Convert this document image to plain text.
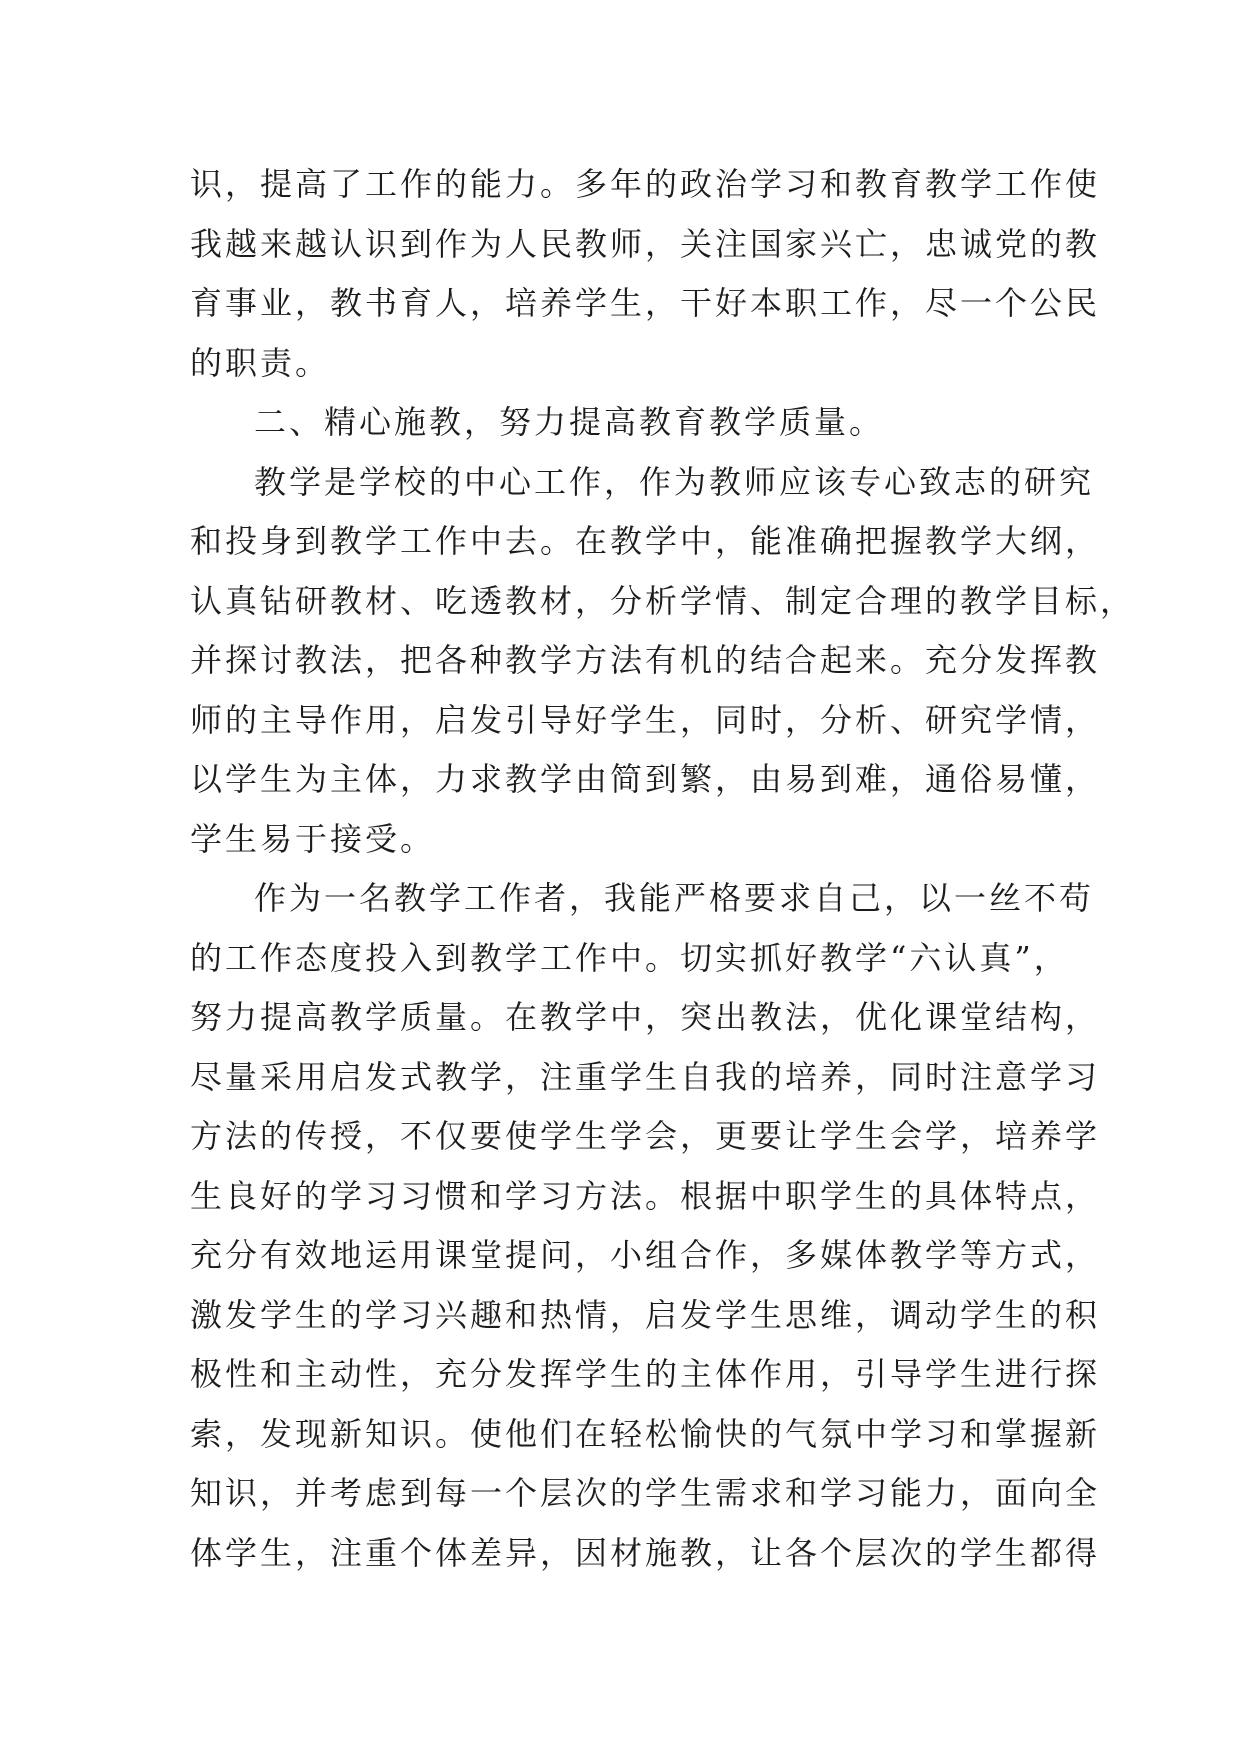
识，提高了工作的能力。多年的政治学习和教育教学工作使
我越来越认识到作为人民教师，关注国家兴亡，忠诚党的教
育事业，教书育人，培养学生，干好本职工作，尽一个公民
的职责。
二、精心施教，努力提高教育教学质量。
教学是学校的中心工作，作为教师应该专心致志的研究
和投身到教学工作中去。在教学中，能准确把握教学大纲，
认真钻研教材、吃透教材，分析学情、制定合理的教学目标，
并探讨教法，把各种教学方法有机的结合起来。充分发挥教
师的主导作用，启发引导好学生，同时，分析、研究学情，
以学生为主体，力求教学由简到繁，由易到难，通俗易懂，
学生易于接受。
作为一名教学工作者，我能严格要求自己，以一丝不苟
的工作态度投入到教学工作中。切实抓好教学“六认真”，
努力提高教学质量。在教学中，突出教法，优化课堂结构，
尽量采用启发式教学，注重学生自我的培养，同时注意学习
方法的传授，不仅要使学生学会，更要让学生会学，培养学
生良好的学习习惯和学习方法。根据中职学生的具体特点，
充分有效地运用课堂提问，小组合作，多媒体教学等方式，
激发学生的学习兴趣和热情，启发学生思维，调动学生的积
极性和主动性，充分发挥学生的主体作用，引导学生进行探
索，发现新知识。使他们在轻松愉快的气氛中学习和掌握新
知识，并考虑到每一个层次的学生需求和学习能力，面向全
体学生，注重个体差异，因材施教，让各个层次的学生都得
